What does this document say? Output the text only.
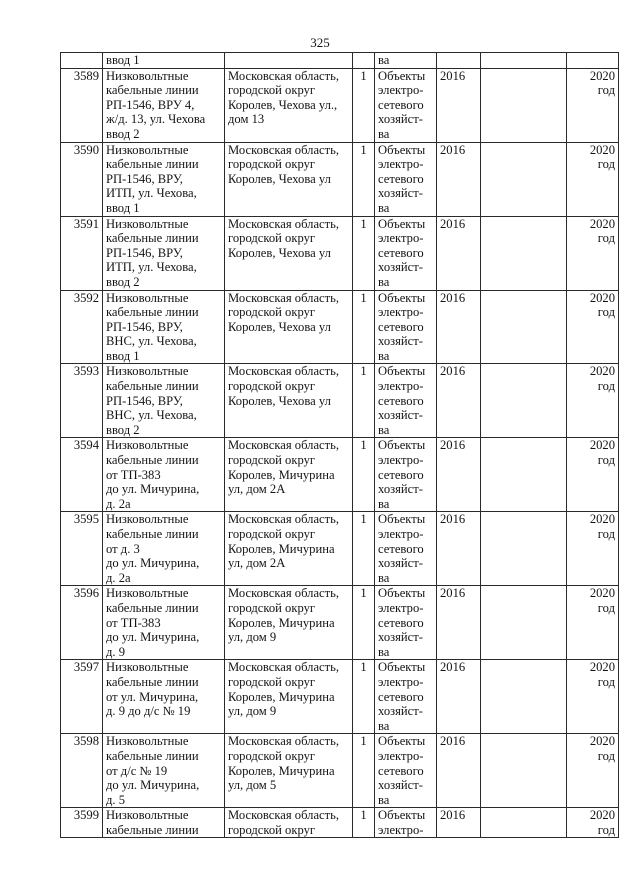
325
	ввод 1			ва			
3589	Низковольтные
кабельные линии
РП-1546, ВРУ 4,
ж/д. 13, ул. Чехова
ввод 2	Московская область,
городской округ
Королев, Чехова ул.,
дом 13	1	Объекты
электро-
сетевого
хозяйст-
ва	2016		2020
год
3590	Низковольтные
кабельные линии
РП-1546, ВРУ,
ИТП, ул. Чехова,
ввод 1	Московская область,
городской округ
Королев, Чехова ул	1	Объекты
электро-
сетевого
хозяйст-
ва	2016		2020
год
3591	Низковольтные
кабельные линии
РП-1546, ВРУ,
ИТП, ул. Чехова,
ввод 2	Московская область,
городской округ
Королев, Чехова ул	1	Объекты
электро-
сетевого
хозяйст-
ва	2016		2020
год
3592	Низковольтные
кабельные линии
РП-1546, ВРУ,
ВНС, ул. Чехова,
ввод 1	Московская область,
городской округ
Королев, Чехова ул	1	Объекты
электро-
сетевого
хозяйст-
ва	2016		2020
год
3593	Низковольтные
кабельные линии
РП-1546, ВРУ,
ВНС, ул. Чехова,
ввод 2	Московская область,
городской округ
Королев, Чехова ул	1	Объекты
электро-
сетевого
хозяйст-
ва	2016		2020
год
3594	Низковольтные
кабельные линии
от ТП-383
до ул. Мичурина,
д. 2а	Московская область,
городской округ
Королев, Мичурина
ул, дом 2А	1	Объекты
электро-
сетевого
хозяйст-
ва	2016		2020
год
3595	Низковольтные
кабельные линии
от д. 3
до ул. Мичурина,
д. 2а	Московская область,
городской округ
Королев, Мичурина
ул, дом 2А	1	Объекты
электро-
сетевого
хозяйст-
ва	2016		2020
год
3596	Низковольтные
кабельные линии
от ТП-383
до ул. Мичурина,
д. 9	Московская область,
городской округ
Королев, Мичурина
ул, дом 9	1	Объекты
электро-
сетевого
хозяйст-
ва	2016		2020
год
3597	Низковольтные
кабельные линии
от ул. Мичурина,
д. 9 до д/с № 19	Московская область,
городской округ
Королев, Мичурина
ул, дом 9	1	Объекты
электро-
сетевого
хозяйст-
ва	2016		2020
год
3598	Низковольтные
кабельные линии
от д/с № 19
до ул. Мичурина,
д. 5	Московская область,
городской округ
Королев, Мичурина
ул, дом 5	1	Объекты
электро-
сетевого
хозяйст-
ва	2016		2020
год
3599	Низковольтные
кабельные линии	Московская область,
городской округ	1	Объекты
электро-	2016		2020
год
